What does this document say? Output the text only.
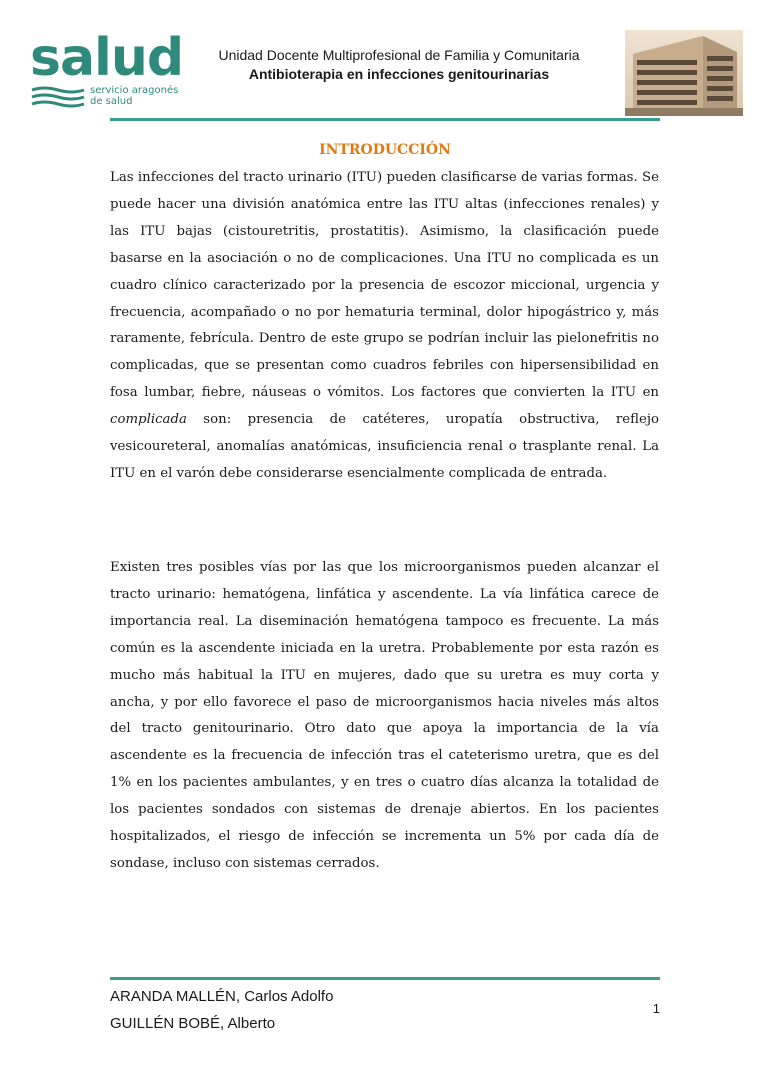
salud
servicio aragonés
de salud
Unidad Docente Multiprofesional de Familia y Comunitaria
Antibioterapia en infecciones genitourinarias
INTRODUCCIÓN

Las infecciones del tracto urinario (ITU) pueden clasificarse de varias formas. Se puede hacer una división anatómica entre las ITU altas (infecciones renales) y las ITU bajas (cistouretritis, prostatitis). Asimismo, la clasificación puede basarse en la asociación o no de complicaciones. Una ITU no complicada es un cuadro clínico caracterizado por la presencia de escozor miccional, urgencia y frecuencia, acompañado o no por hematuria terminal, dolor hipogástrico y, más raramente, febrícula. Dentro de este grupo se podrían incluir las pielonefritis no complicadas, que se presentan como cuadros febriles con hipersensibilidad en fosa lumbar, fiebre, náuseas o vómitos. Los factores que convierten la ITU en complicada son: presencia de catéteres, uropatía obstructiva, reflejo vesicoureteral, anomalías anatómicas, insuficiencia renal o trasplante renal. La ITU en el varón debe considerarse esencialmente complicada de entrada.

Existen tres posibles vías por las que los microorganismos pueden alcanzar el tracto urinario: hematógena, linfática y ascendente. La vía linfática carece de importancia real. La diseminación hematógena tampoco es frecuente. La más común es la ascendente iniciada en la uretra. Probablemente por esta razón es mucho más habitual la ITU en mujeres, dado que su uretra es muy corta y ancha, y por ello favorece el paso de microorganismos hacia niveles más altos del tracto genitourinario. Otro dato que apoya la importancia de la vía ascendente es la frecuencia de infección tras el cateterismo uretra, que es del 1% en los pacientes ambulantes, y en tres o cuatro días alcanza la totalidad de los pacientes sondados con sistemas de drenaje abiertos. En los pacientes hospitalizados, el riesgo de infección se incrementa un 5% por cada día de sondase, incluso con sistemas cerrados.

ARANDA MALLÉN, Carlos Adolfo
GUILLÉN BOBÉ, Alberto
1
